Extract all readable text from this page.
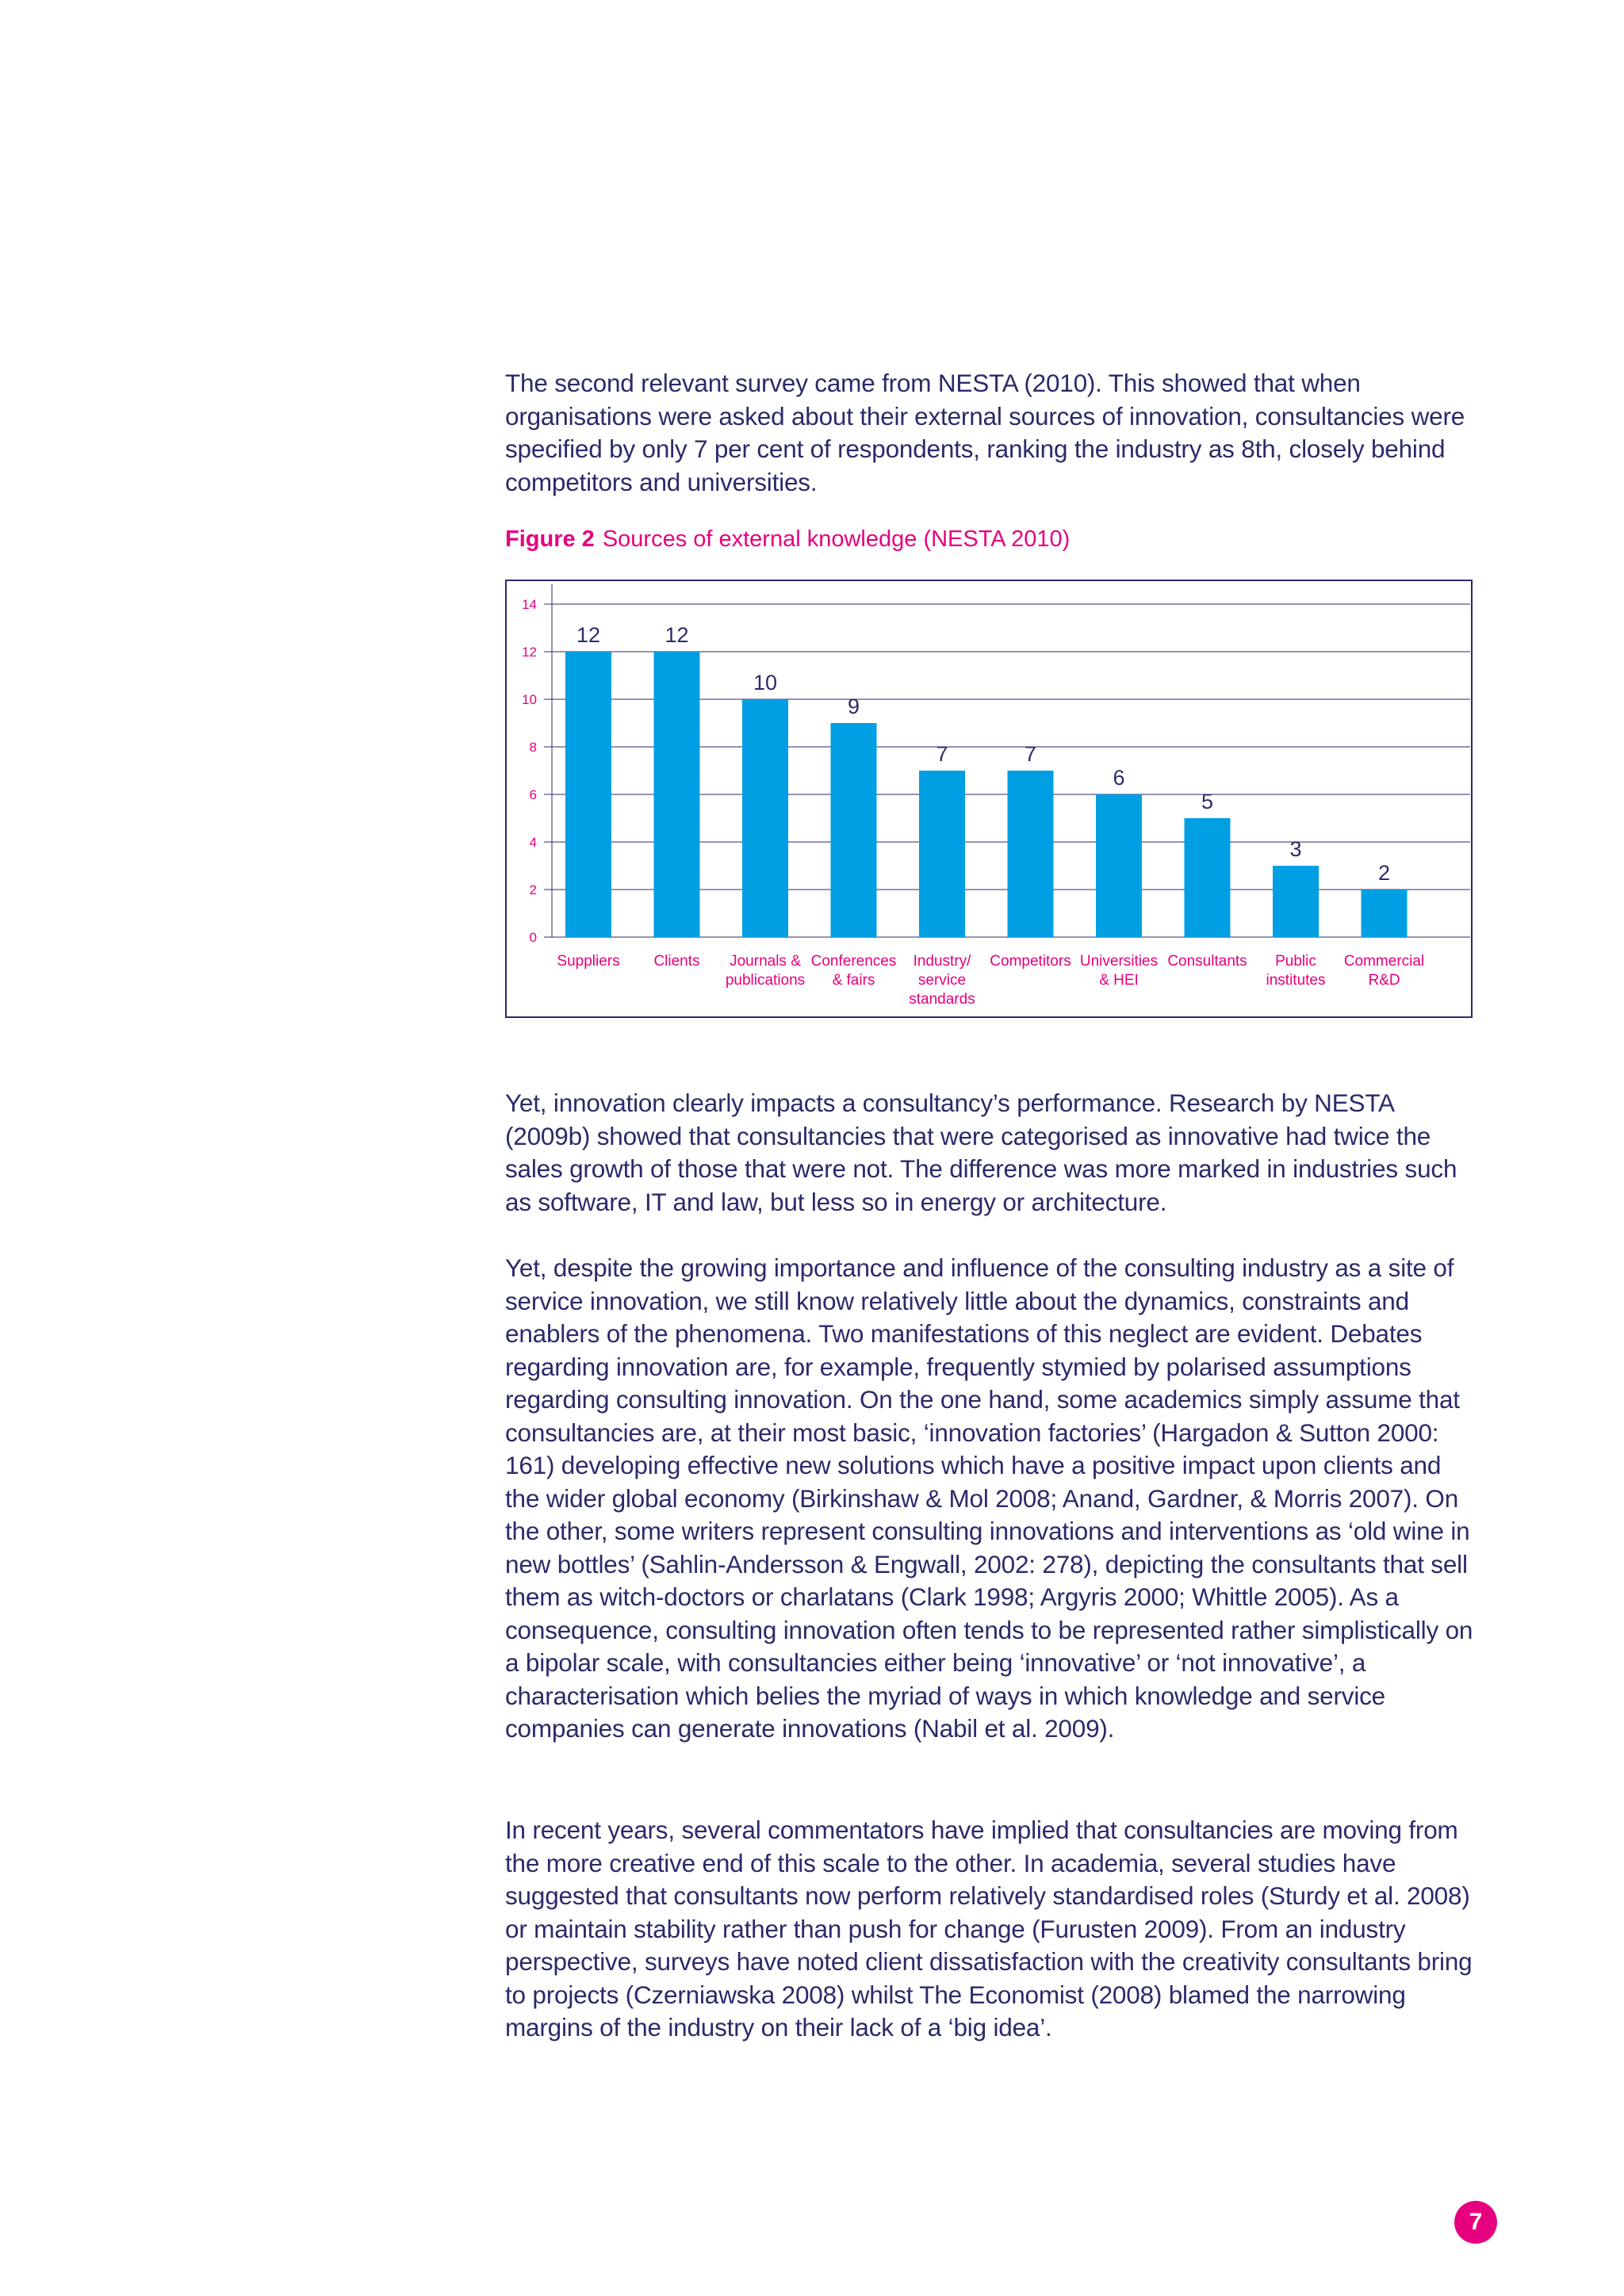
The second relevant survey came from NESTA (2010). This showed that when organisations were asked about their external sources of innovation, consultancies were specified by only 7 per cent of respondents, ranking the industry as 8th, closely behind competitors and universities.

Figure 2 Sources of external knowledge (NESTA 2010)

0
2
4
6
8
10
12
14
12
Suppliers
12
Clients
10
Journals & publications
9
Conferences & fairs
7
Industry/ service standards
7
Competitors
6
Universities & HEI
5
Consultants
3
Public institutes
2
Commercial R&D

Yet, innovation clearly impacts a consultancy’s performance. Research by NESTA (2009b) showed that consultancies that were categorised as innovative had twice the sales growth of those that were not. The difference was more marked in industries such as software, IT and law, but less so in energy or architecture.

Yet, despite the growing importance and influence of the consulting industry as a site of service innovation, we still know relatively little about the dynamics, constraints and enablers of the phenomena. Two manifestations of this neglect are evident. Debates regarding innovation are, for example, frequently stymied by polarised assumptions regarding consulting innovation. On the one hand, some academics simply assume that consultancies are, at their most basic, ‘innovation factories’ (Hargadon & Sutton 2000: 161) developing effective new solutions which have a positive impact upon clients and the wider global economy (Birkinshaw & Mol 2008; Anand, Gardner, & Morris 2007). On the other, some writers represent consulting innovations and interventions as ‘old wine in new bottles’ (Sahlin-Andersson & Engwall, 2002: 278), depicting the consultants that sell them as witch-doctors or charlatans (Clark 1998; Argyris 2000; Whittle 2005). As a consequence, consulting innovation often tends to be represented rather simplistically on a bipolar scale, with consultancies either being ‘innovative’ or ‘not innovative’, a characterisation which belies the myriad of ways in which knowledge and service companies can generate innovations (Nabil et al. 2009).

In recent years, several commentators have implied that consultancies are moving from the more creative end of this scale to the other. In academia, several studies have suggested that consultants now perform relatively standardised roles (Sturdy et al. 2008) or maintain stability rather than push for change (Furusten 2009). From an industry perspective, surveys have noted client dissatisfaction with the creativity consultants bring to projects (Czerniawska 2008) whilst The Economist (2008) blamed the narrowing margins of the industry on their lack of a ‘big idea’.

7
